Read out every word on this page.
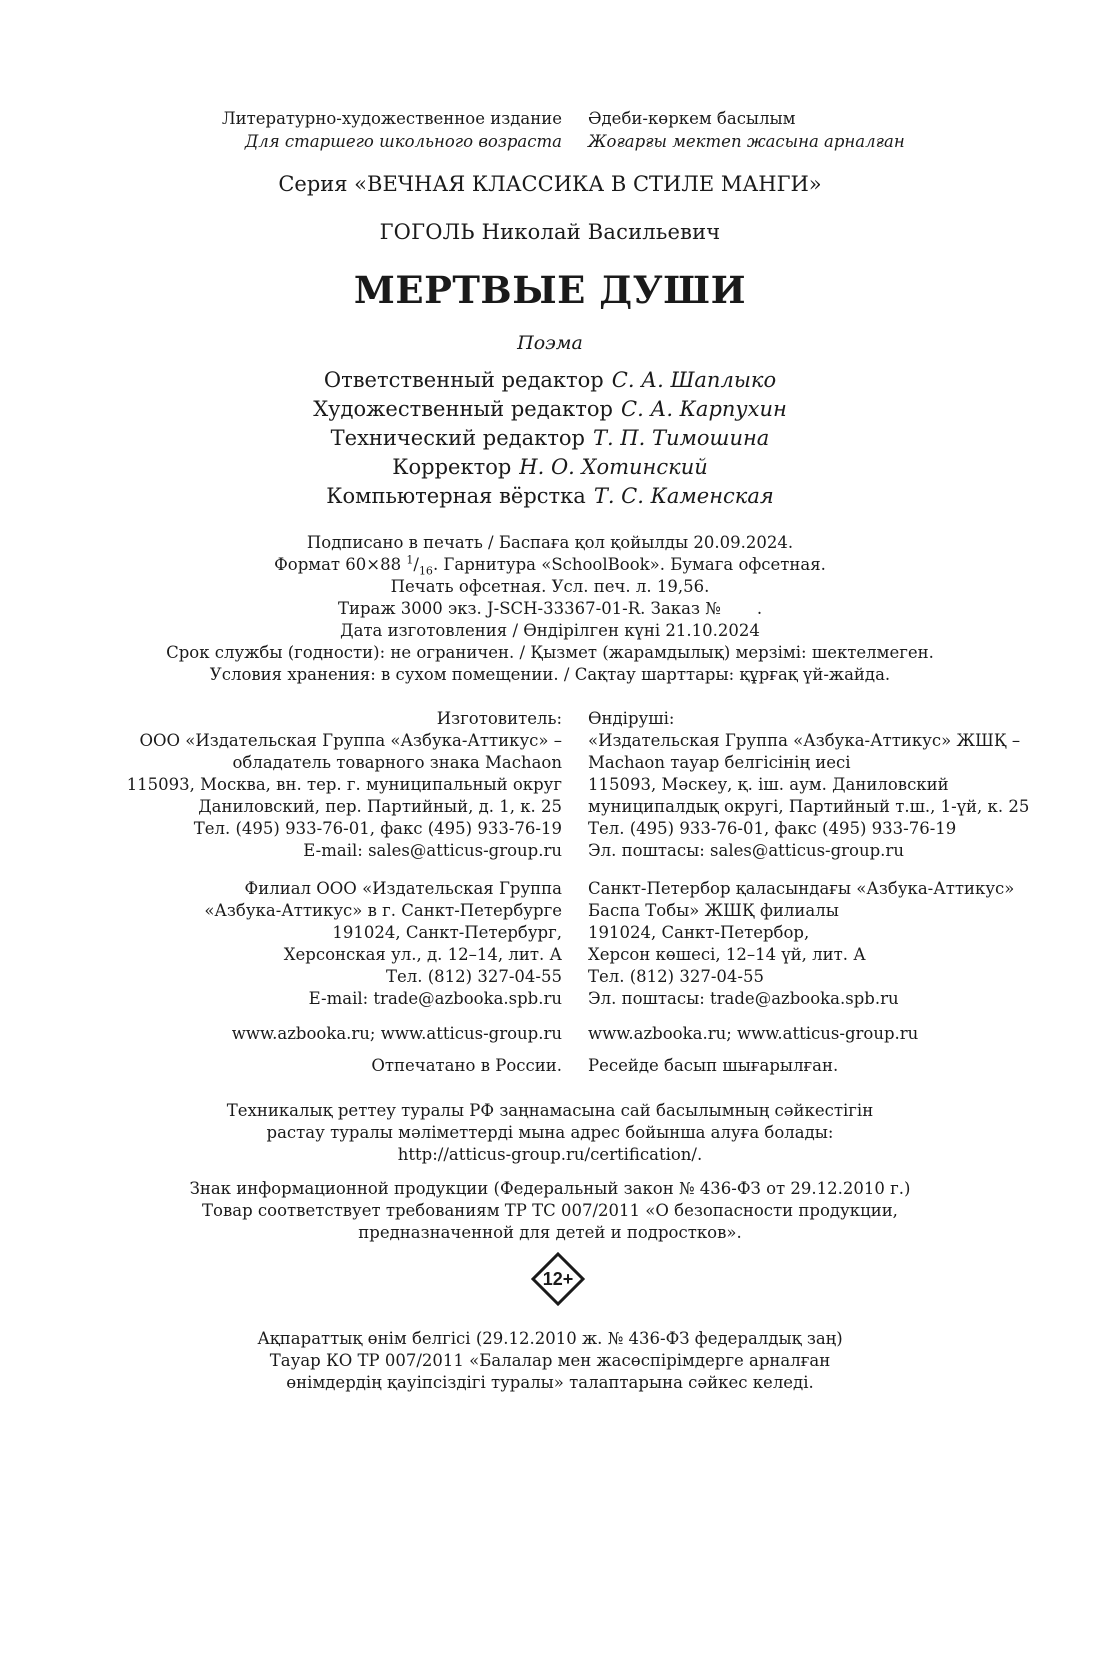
Литературно-художественное издание Әдеби-көркем басылым
Для старшего школьного возраста Жоғарғы мектеп жасына арналған
Серия «ВЕЧНАЯ КЛАССИКА В СТИЛЕ МАНГИ»
ГОГОЛЬ Николай Васильевич
МЕРТВЫЕ ДУШИ
Поэма
Ответственный редактор С. А. Шаплыко
Художественный редактор С. А. Карпухин
Технический редактор Т. П. Тимошина
Корректор Н. О. Хотинский
Компьютерная вёрстка Т. С. Каменская
Подписано в печать / Баспаға қол қойылды 20.09.2024.
Формат 60×88 $^1/_{16}$. Гарнитура «SchoolBook». Бумага офсетная.
Печать офсетная. Усл. печ. л. 19,56.
Тираж 3000 экз. J-SCH-33367-01-R. Заказ № .
Дата изготовления / Өндірілген күні 21.10.2024
Срок службы (годности): не ограничен. / Қызмет (жарамдылық) мерзімі: шектелмеген.
Условия хранения: в сухом помещении. / Сақтау шарттары: құрғақ үй-жайда.
Изготовитель:
ООО «Издательская Группа «Азбука-Аттикус» –
обладатель товарного знака Machaon
115093, Москва, вн. тер. г. муниципальный округ
Даниловский, пер. Партийный, д. 1, к. 25
Тел. (495) 933-76-01, факс (495) 933-76-19
E-mail: sales@atticus-group.ru
Өндіруші:
«Издательская Группа «Азбука-Аттикус» ЖШҚ –
Machaon тауар белгісінің иесі
115093, Мәскеу, қ. іш. аум. Даниловский
муниципалдық округі, Партийный т.ш., 1-үй, к. 25
Тел. (495) 933-76-01, факс (495) 933-76-19
Эл. поштасы: sales@atticus-group.ru
Филиал ООО «Издательская Группа
«Азбука-Аттикус» в г. Санкт-Петербурге
191024, Санкт-Петербург,
Херсонская ул., д. 12–14, лит. А
Тел. (812) 327-04-55
E-mail: trade@azbooka.spb.ru
Санкт-Петербор қаласындағы «Азбука-Аттикус»
Баспа Тобы» ЖШҚ филиалы
191024, Санкт-Петербор,
Херсон көшесі, 12–14 үй, лит. А
Тел. (812) 327-04-55
Эл. поштасы: trade@azbooka.spb.ru
www.azbooka.ru; www.atticus-group.ru www.azbooka.ru; www.atticus-group.ru
Отпечатано в России. Ресейде басып шығарылған.
Техникалық реттеу туралы РФ заңнамасына сай басылымның сәйкестігін
растау туралы мәліметтерді мына адрес бойынша алуға болады:
http://atticus-group.ru/certification/.
Знак информационной продукции (Федеральный закон № 436-ФЗ от 29.12.2010 г.)
Товар соответствует требованиям ТР ТС 007/2011 «О безопасности продукции,
предназначенной для детей и подростков».
12+
Ақпараттық өнім белгісі (29.12.2010 ж. № 436-ФЗ федералдық заң)
Тауар КО ТР 007/2011 «Балалар мен жасөспірімдерге арналған
өнімдердің қауіпсіздігі туралы» талаптарына сәйкес келеді.
